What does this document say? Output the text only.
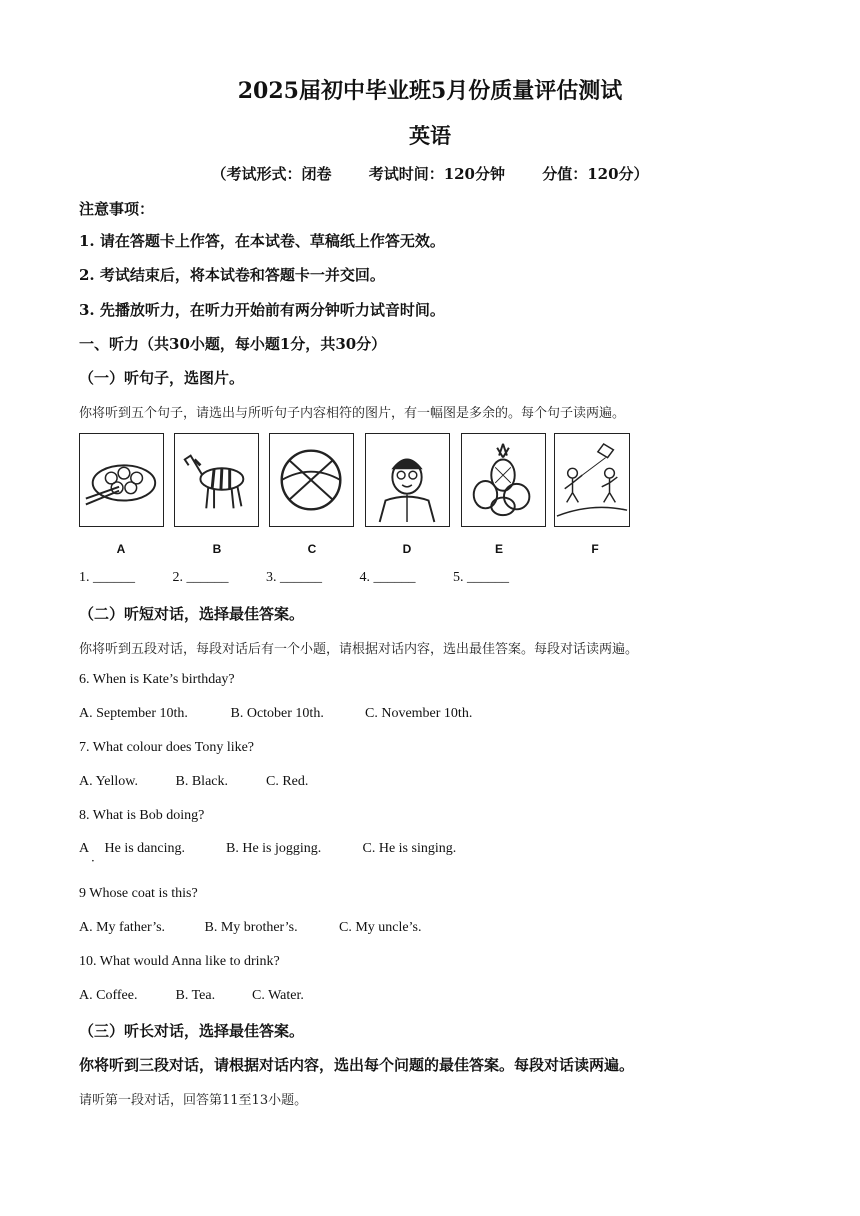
2025届初中毕业班5月份质量评估测试
英语
（考试形式：闭卷 考试时间：120分钟 分值：120分）
注意事项：
1. 请在答题卡上作答，在本试卷、草稿纸上作答无效。
2. 考试结束后，将本试卷和答题卡一并交回。
3. 先播放听力，在听力开始前有两分钟听力试音时间。
一、听力（共30小题，每小题1分，共30分）
（一）听句子，选图片。
你将听到五个句子，请选出与所听句子内容相符的图片，有一幅图是多余的。每个句子读两遍。
A	B	C	D	E	F
1. ______	2. ______	3. ______	4. ______	5. ______
（二）听短对话，选择最佳答案。
你将听到五段对话，每段对话后有一个小题，请根据对话内容，选出最佳答案。每段对话读两遍。
6. When is Kate’s birthday?
A. September 10th.	B. October 10th.	C. November 10th.
7. What colour does Tony like?
A. Yellow.	B. Black.	C. Red.
8. What is Bob doing?
A He is dancing.	B. He is jogging.	C. He is singing.
·
9 Whose coat is this?
A. My father’s.	B. My brother’s.	C. My uncle’s.
10. What would Anna like to drink?
A. Coffee.	B. Tea.	C. Water.
（三）听长对话，选择最佳答案。
你将听到三段对话，请根据对话内容，选出每个问题的最佳答案。每段对话读两遍。
请听第一段对话，回答第11至13小题。
